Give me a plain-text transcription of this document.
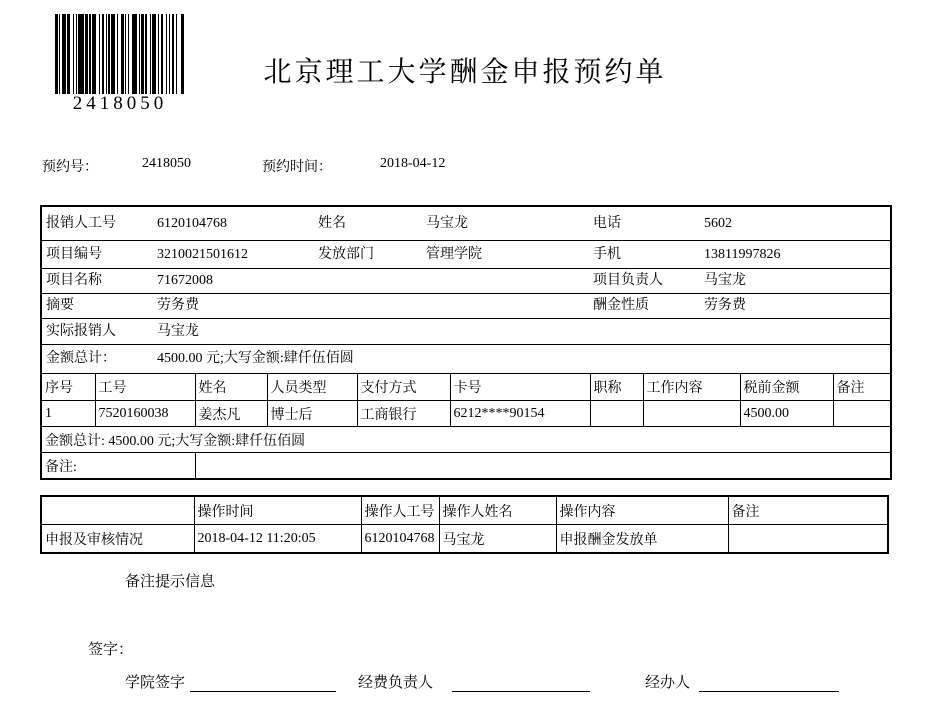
2418050
北京理工大学酬金申报预约单
预约号：	2418050	预约时间：	2018-04-12
报销人工号	6120104768	姓名	马宝龙	电话	5602
项目编号	3210021501612	发放部门	管理学院	手机	13811997826
项目名称	71672008	项目负责人	马宝龙
摘要	劳务费	酬金性质	劳务费
实际报销人	马宝龙
金额总计：	4500.00 元;大写金额:肆仟伍佰圆
序号	工号	姓名	人员类型	支付方式	卡号	职称	工作内容	税前金额	备注
1	7520160038	姜杰凡	博士后	工商银行	6212****90154			4500.00	
金额总计: 4500.00 元;大写金额:肆仟伍佰圆									
备注:									
	操作时间	操作人工号	操作人姓名	操作内容	备注
申报及审核情况	2018-04-12 11:20:05	6120104768	马宝龙	申报酬金发放单	
备注提示信息
签字：
学院签字	经费负责人	经办人
